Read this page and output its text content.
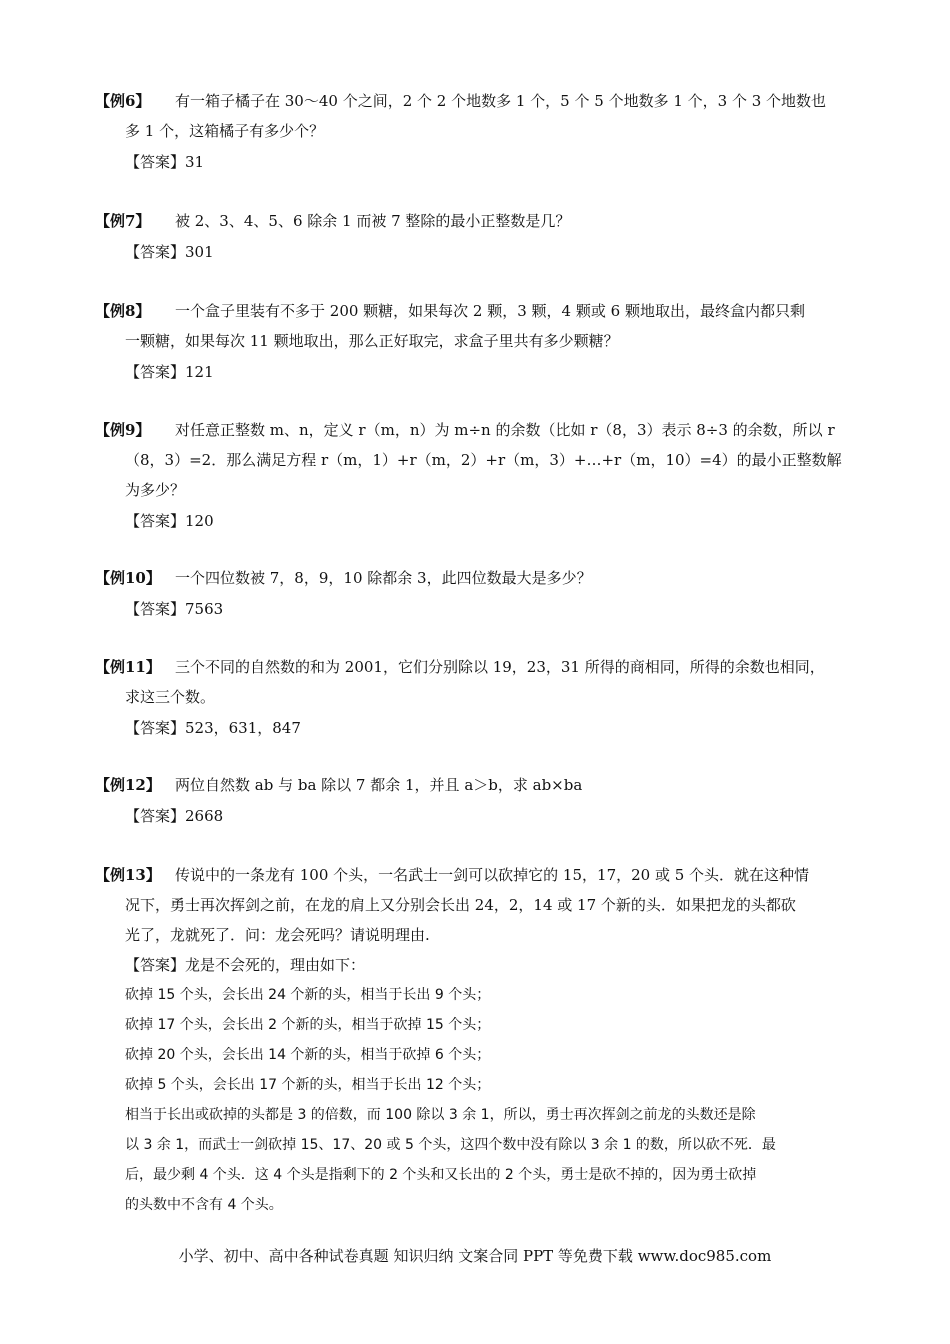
【例6】	有一箱子橘子在 30～40 个之间，2 个 2 个地数多 1 个，5 个 5 个地数多 1 个，3 个 3 个地数也
多 1 个，这箱橘子有多少个？
【答案】31
【例7】	被 2、3、4、5、6 除余 1 而被 7 整除的最小正整数是几？
【答案】301
【例8】	一个盒子里装有不多于 200 颗糖，如果每次 2 颗，3 颗，4 颗或 6 颗地取出，最终盒内都只剩
一颗糖，如果每次 11 颗地取出，那么正好取完，求盒子里共有多少颗糖？
【答案】121
【例9】	对任意正整数 m、n，定义 r（m，n）为 m÷n 的余数（比如 r（8，3）表示 8÷3 的余数，所以 r
（8，3）=2．那么满足方程 r（m，1）+r（m，2）+r（m，3）+…+r（m，10）=4）的最小正整数解
为多少？
【答案】120
【例10】 一个四位数被 7，8，9，10 除都余 3，此四位数最大是多少？
【答案】7563
【例11】 三个不同的自然数的和为 2001，它们分别除以 19，23，31 所得的商相同，所得的余数也相同，
求这三个数。
【答案】523，631，847
【例12】 两位自然数 ab 与 ba 除以 7 都余 1，并且 a＞b，求 ab×ba
【答案】2668
【例13】 传说中的一条龙有 100 个头，一名武士一剑可以砍掉它的 15，17，20 或 5 个头．就在这种情
况下，勇士再次挥剑之前，在龙的肩上又分别会长出 24，2，14 或 17 个新的头．如果把龙的头都砍
光了，龙就死了．问：龙会死吗？请说明理由.
【答案】龙是不会死的，理由如下：
砍掉 15 个头，会长出 24 个新的头，相当于长出 9 个头；
砍掉 17 个头，会长出 2 个新的头，相当于砍掉 15 个头；
砍掉 20 个头，会长出 14 个新的头，相当于砍掉 6 个头；
砍掉 5 个头，会长出 17 个新的头，相当于长出 12 个头；
相当于长出或砍掉的头都是 3 的倍数，而 100 除以 3 余 1，所以，勇士再次挥剑之前龙的头数还是除
以 3 余 1，而武士一剑砍掉 15、17、20 或 5 个头，这四个数中没有除以 3 余 1 的数，所以砍不死．最
后，最少剩 4 个头．这 4 个头是指剩下的 2 个头和又长出的 2 个头，勇士是砍不掉的，因为勇士砍掉
的头数中不含有 4 个头。
小学、初中、高中各种试卷真题 知识归纳 文案合同 PPT 等免费下载 www.doc985.com
